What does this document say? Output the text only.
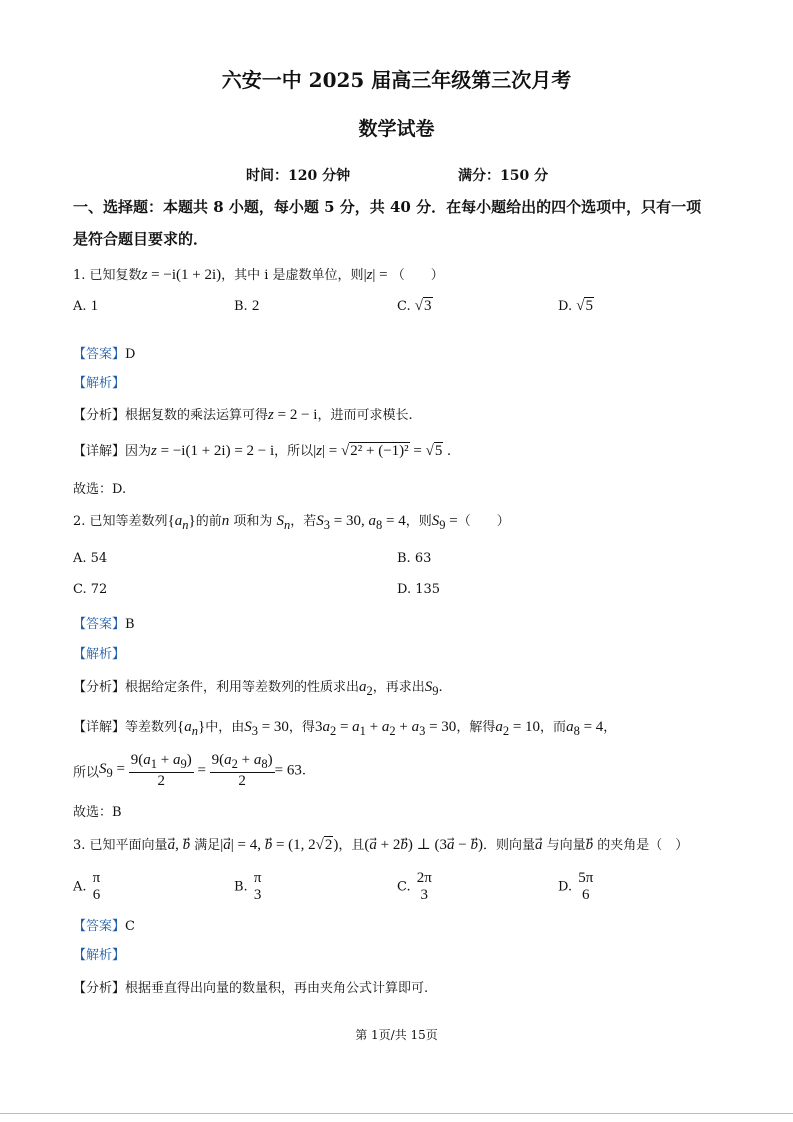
六安一中 2025 届高三年级第三次月考
数学试卷
时间：120 分钟	满分：150 分
一、选择题：本题共 8 小题，每小题 5 分，共 40 分．在每小题给出的四个选项中，只有一项
是符合题目要求的．
1. 已知复数z = −i(1 + 2i)，其中 i 是虚数单位，则|z| = （　　）
A. 1	B. 2	C. √3	D. √5
【答案】D
【解析】
【分析】根据复数的乘法运算可得z = 2 − i，进而可求模长.
【详解】因为z = −i(1 + 2i) = 2 − i，所以|z| = √2² + (−1)² = √5 .
故选：D.
2. 已知等差数列$\{a_n\}$的前n 项和为 $S_n$，若$S_3 = 30$, $a_8 = 4$，则$S_9$ =（　　）
A. 54	B. 63
C. 72	D. 135
【答案】B
【解析】
【分析】根据给定条件，利用等差数列的性质求出$a_2$，再求出$S_9$.
【详解】等差数列$\{a_n\}$中，由$S_3 = 30$，得$3a_2 = a_1 + a_2 + a_3 = 30$，解得$a_2 = 10$，而$a_8 = 4$，
所以$S_9 = \frac{9(a_1 + a_9)}{2} = \frac{9(a_2 + a_8)}{2} = 63$.
故选：B
3. 已知平面向量a⃗, b 满足|a⃗| = 4, b⃗ = (1, 2√2)，且(a⃗ + 2b⃗) ⊥ (3a⃗ − b⃗)．则向量a 与向量b 的夹角是（　）
A.
π
6	B.
π
3	C.
2π
3	D.
5π
6
【答案】C
【解析】
【分析】根据垂直得出向量的数量积，再由夹角公式计算即可.
第 1页/共 15页
